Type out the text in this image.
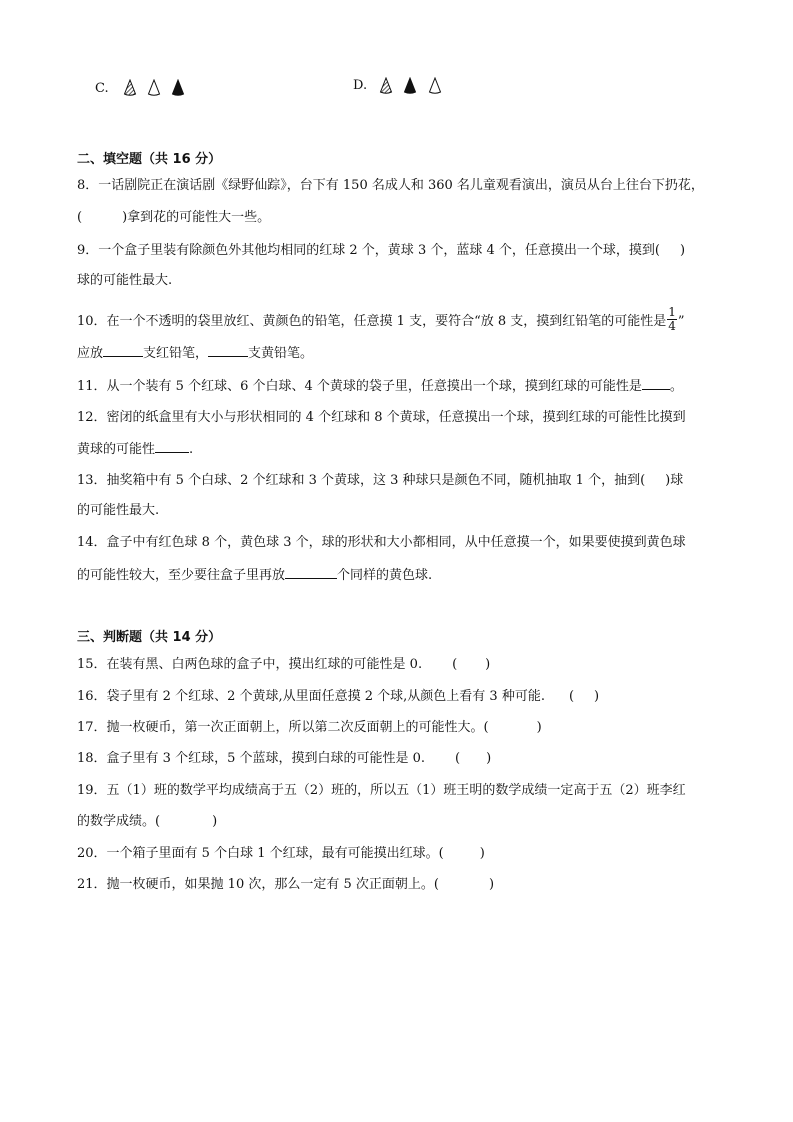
C.	D.
二、填空题（共 16 分）
8．一话剧院正在演话剧《绿野仙踪》，台下有 150 名成人和 360 名儿童观看演出，演员从台上往台下扔花，
(	)拿到花的可能性大一些。
9．一个盒子里装有除颜色外其他均相同的红球 2 个，黄球 3 个，蓝球 4 个，任意摸出一个球，摸到( )
球的可能性最大.
10．在一个不透明的袋里放红、黄颜色的铅笔，任意摸 1 支，要符合“放 8 支，摸到红铅笔的可能性是 $\frac{1}{4}$ ”
应放	支红铅笔，	支黄铅笔。
11．从一个装有 5 个红球、6 个白球、4 个黄球的袋子里，任意摸出一个球，摸到红球的可能性是 。
12．密闭的纸盒里有大小与形状相同的 4 个红球和 8 个黄球，任意摸出一个球，摸到红球的可能性比摸到
黄球的可能性	.
13．抽奖箱中有 5 个白球、2 个红球和 3 个黄球，这 3 种球只是颜色不同，随机抽取 1 个，抽到( )球
的可能性最大.
14．盒子中有红色球 8 个，黄色球 3 个，球的形状和大小都相同，从中任意摸一个，如果要使摸到黄色球
的可能性较大，至少要往盒子里再放	个同样的黄色球.
三、判断题（共 14 分）
15．在装有黑、白两色球的盒子中，摸出红球的可能性是 0. ( )
16．袋子里有 2 个红球、2 个黄球,从里面任意摸 2 个球,从颜色上看有 3 种可能. ( )
17．抛一枚硬币，第一次正面朝上，所以第二次反面朝上的可能性大。(	)
18．盒子里有 3 个红球，5 个蓝球，摸到白球的可能性是 0. ( )
19．五（1）班的数学平均成绩高于五（2）班的，所以五（1）班王明的数学成绩一定高于五（2）班李红
的数学成绩。(	)
20．一个箱子里面有 5 个白球 1 个红球，最有可能摸出红球。(	)
21．抛一枚硬币，如果抛 10 次，那么一定有 5 次正面朝上。(	)
